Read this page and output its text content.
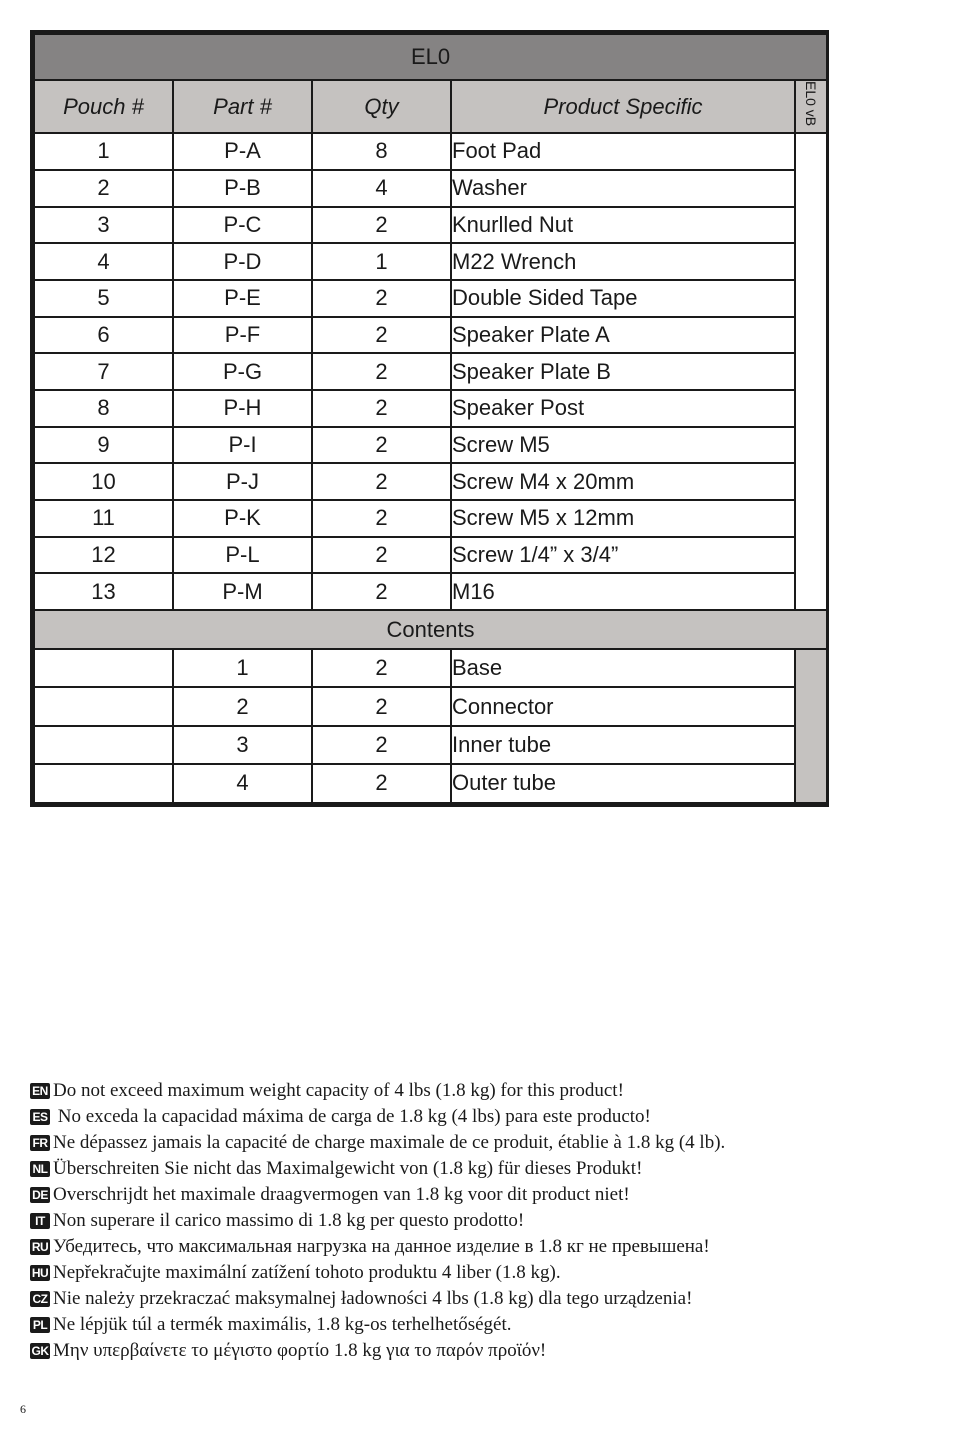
EL0				
Pouch #	Part #	Qty	Product Specific	EL0 vB
1	P-A	8	Foot Pad	
2	P-B	4	Washer	
3	P-C	2	Knurlled Nut	
4	P-D	1	M22 Wrench	
5	P-E	2	Double Sided Tape	
6	P-F	2	Speaker Plate A	
7	P-G	2	Speaker Plate B	
8	P-H	2	Speaker Post	
9	P-I	2	Screw M5	
10	P-J	2	Screw M4 x 20mm	
11	P-K	2	Screw M5 x 12mm	
12	P-L	2	Screw 1/4” x 3/4”	
13	P-M	2	M16	
Contents				
	1	2	Base	
	2	2	Connector	
	3	2	Inner tube	
	4	2	Outer tube	
EN Do not exceed maximum weight capacity of 4 lbs (1.8 kg) for this product!
ES No exceda la capacidad máxima de carga de 1.8 kg (4 lbs) para este producto!
FR Ne dépassez jamais la capacité de charge maximale de ce produit, établie à 1.8 kg (4 lb).
NL Überschreiten Sie nicht das Maximalgewicht von (1.8 kg) für dieses Produkt!
DE Overschrijdt het maximale draagvermogen van 1.8 kg voor dit product niet!
IT Non superare il carico massimo di 1.8 kg per questo prodotto!
RU Убедитесь, что максимальная нагрузка на данное изделие в 1.8 кг не превышена!
HU Nepřekračujte maximální zatížení tohoto produktu 4 liber (1.8 kg).
CZ Nie należy przekraczać maksymalnej ładowności 4 lbs (1.8 kg) dla tego urządzenia!
PL Ne lépjük túl a termék maximális, 1.8 kg-os terhelhetőségét.
GK Μην υπερβαίνετε το μέγιστο φορτίο 1.8 kg για το παρόν προϊόν!
6
